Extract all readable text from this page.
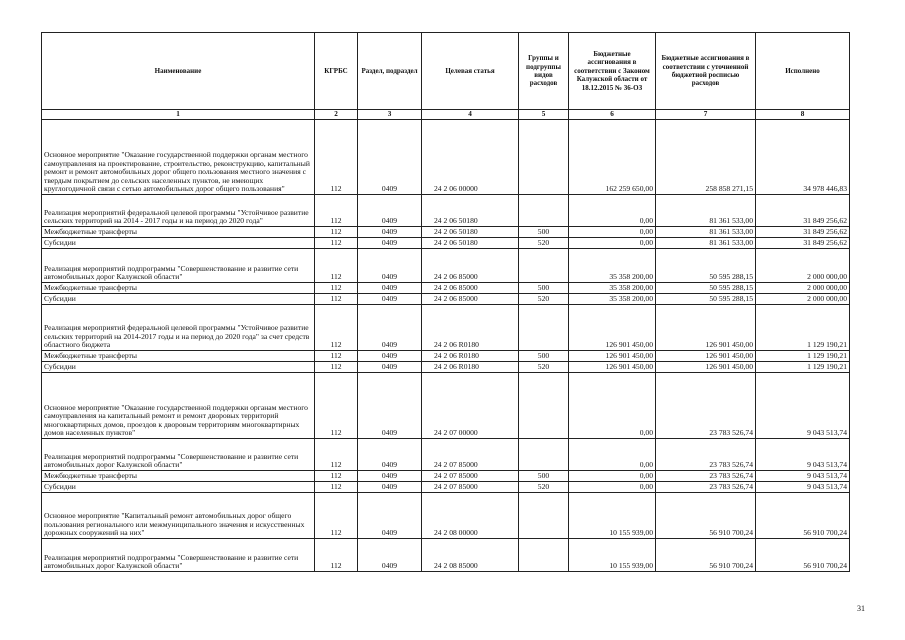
Наименование	КГРБС	Раздел, подраздел	Целевая статья	Группы и подгруппы видов расходов	Бюджетные ассигнования в соответствии с Законом Калужской области от 18.12.2015 № 36-ОЗ	Бюджетные ассигнования в соответствии с уточненной бюджетной росписью расходов	Исполнено
1	2	3	4	5	6	7	8
Основное мероприятие "Оказание государственной поддержки органам местного самоуправления на проектирование, строительство, реконструкцию, капитальный ремонт и ремонт автомобильных дорог общего пользования местного значения с твердым покрытием до сельских населенных пунктов, не имеющих круглогодичной связи с сетью автомобильных дорог общего пользования"	112	0409	24 2 06 00000		162 259 650,00	258 858 271,15	34 978 446,83
Реализация мероприятий федеральной целевой программы "Устойчивое развитие сельских территорий на 2014 - 2017 годы и на период до 2020 года"	112	0409	24 2 06 50180		0,00	81 361 533,00	31 849 256,62
Межбюджетные трансферты	112	0409	24 2 06 50180	500	0,00	81 361 533,00	31 849 256,62
Субсидии	112	0409	24 2 06 50180	520	0,00	81 361 533,00	31 849 256,62
Реализация мероприятий подпрограммы "Совершенствование и развитие сети автомобильных дорог Калужской области"	112	0409	24 2 06 85000		35 358 200,00	50 595 288,15	2 000 000,00
Межбюджетные трансферты	112	0409	24 2 06 85000	500	35 358 200,00	50 595 288,15	2 000 000,00
Субсидии	112	0409	24 2 06 85000	520	35 358 200,00	50 595 288,15	2 000 000,00
Реализация мероприятий федеральной целевой программы "Устойчивое развитие сельских территорий на 2014-2017 годы и на период до 2020 года" за счет средств областного бюджета	112	0409	24 2 06 R0180		126 901 450,00	126 901 450,00	1 129 190,21
Межбюджетные трансферты	112	0409	24 2 06 R0180	500	126 901 450,00	126 901 450,00	1 129 190,21
Субсидии	112	0409	24 2 06 R0180	520	126 901 450,00	126 901 450,00	1 129 190,21
Основное мероприятие "Оказание государственной поддержки органам местного самоуправления на капитальный ремонт и ремонт дворовых территорий многоквартирных домов, проездов к дворовым территориям многоквартирных домов населенных пунктов"	112	0409	24 2 07 00000		0,00	23 783 526,74	9 043 513,74
Реализация мероприятий подпрограммы "Совершенствование и развитие сети автомобильных дорог Калужской области"	112	0409	24 2 07 85000		0,00	23 783 526,74	9 043 513,74
Межбюджетные трансферты	112	0409	24 2 07 85000	500	0,00	23 783 526,74	9 043 513,74
Субсидии	112	0409	24 2 07 85000	520	0,00	23 783 526,74	9 043 513,74
Основное мероприятие "Капитальный ремонт автомобильных дорог общего пользования регионального или межмуниципального значения и искусственных дорожных сооружений на них"	112	0409	24 2 08 00000		10 155 939,00	56 910 700,24	56 910 700,24
Реализация мероприятий подпрограммы "Совершенствование и развитие сети автомобильных дорог Калужской области"	112	0409	24 2 08 85000		10 155 939,00	56 910 700,24	56 910 700,24
31
